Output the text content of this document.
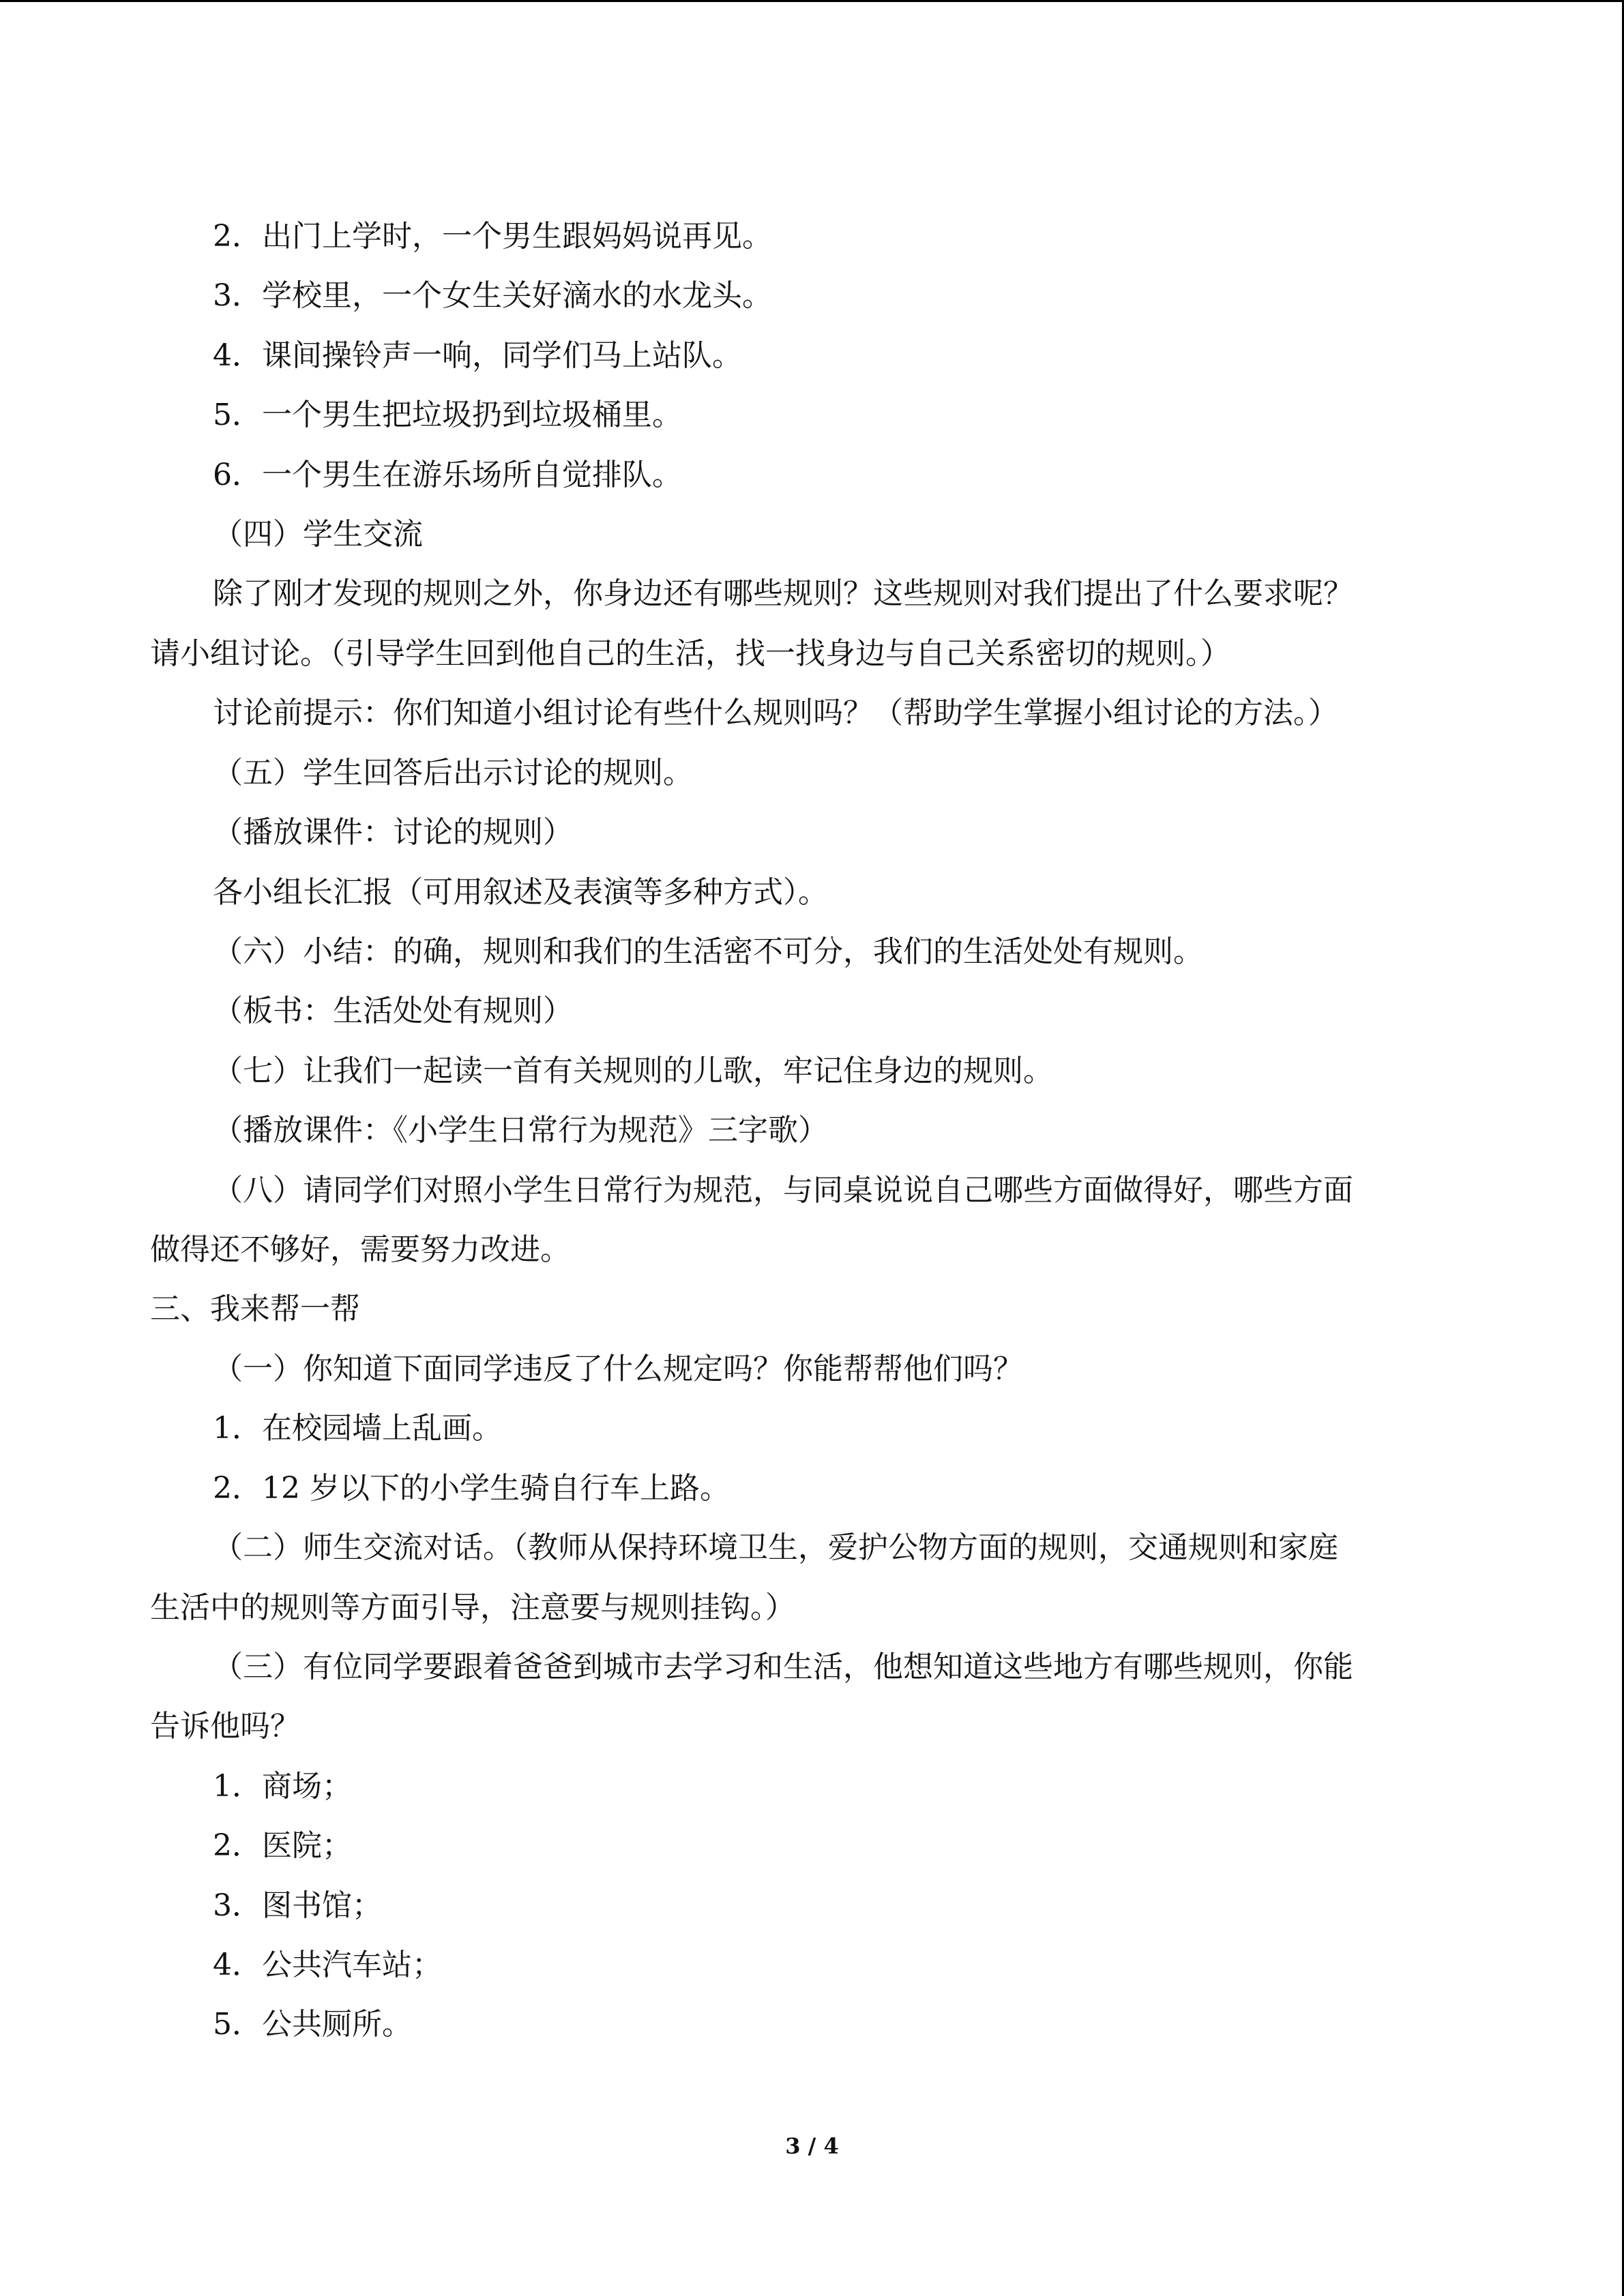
2．出门上学时，一个男生跟妈妈说再见。
3．学校里，一个女生关好滴水的水龙头。
4．课间操铃声一响，同学们马上站队。
5．一个男生把垃圾扔到垃圾桶里。
6．一个男生在游乐场所自觉排队。
（四）学生交流
除了刚才发现的规则之外，你身边还有哪些规则？这些规则对我们提出了什么要求呢？
请小组讨论。（引导学生回到他自己的生活，找一找身边与自己关系密切的规则。）
讨论前提示：你们知道小组讨论有些什么规则吗？（帮助学生掌握小组讨论的方法。）
（五）学生回答后出示讨论的规则。
（播放课件：讨论的规则）
各小组长汇报（可用叙述及表演等多种方式）。
（六）小结：的确，规则和我们的生活密不可分，我们的生活处处有规则。
（板书：生活处处有规则）
（七）让我们一起读一首有关规则的儿歌，牢记住身边的规则。
（播放课件：《小学生日常行为规范》三字歌）
（八）请同学们对照小学生日常行为规范，与同桌说说自己哪些方面做得好，哪些方面
做得还不够好，需要努力改进。
三、我来帮一帮
（一）你知道下面同学违反了什么规定吗？你能帮帮他们吗？
1．在校园墙上乱画。
2．12 岁以下的小学生骑自行车上路。
（二）师生交流对话。（教师从保持环境卫生，爱护公物方面的规则，交通规则和家庭
生活中的规则等方面引导，注意要与规则挂钩。）
（三）有位同学要跟着爸爸到城市去学习和生活，他想知道这些地方有哪些规则，你能
告诉他吗？
1．商场；
2．医院；
3．图书馆；
4．公共汽车站；
5．公共厕所。
3 / 4
